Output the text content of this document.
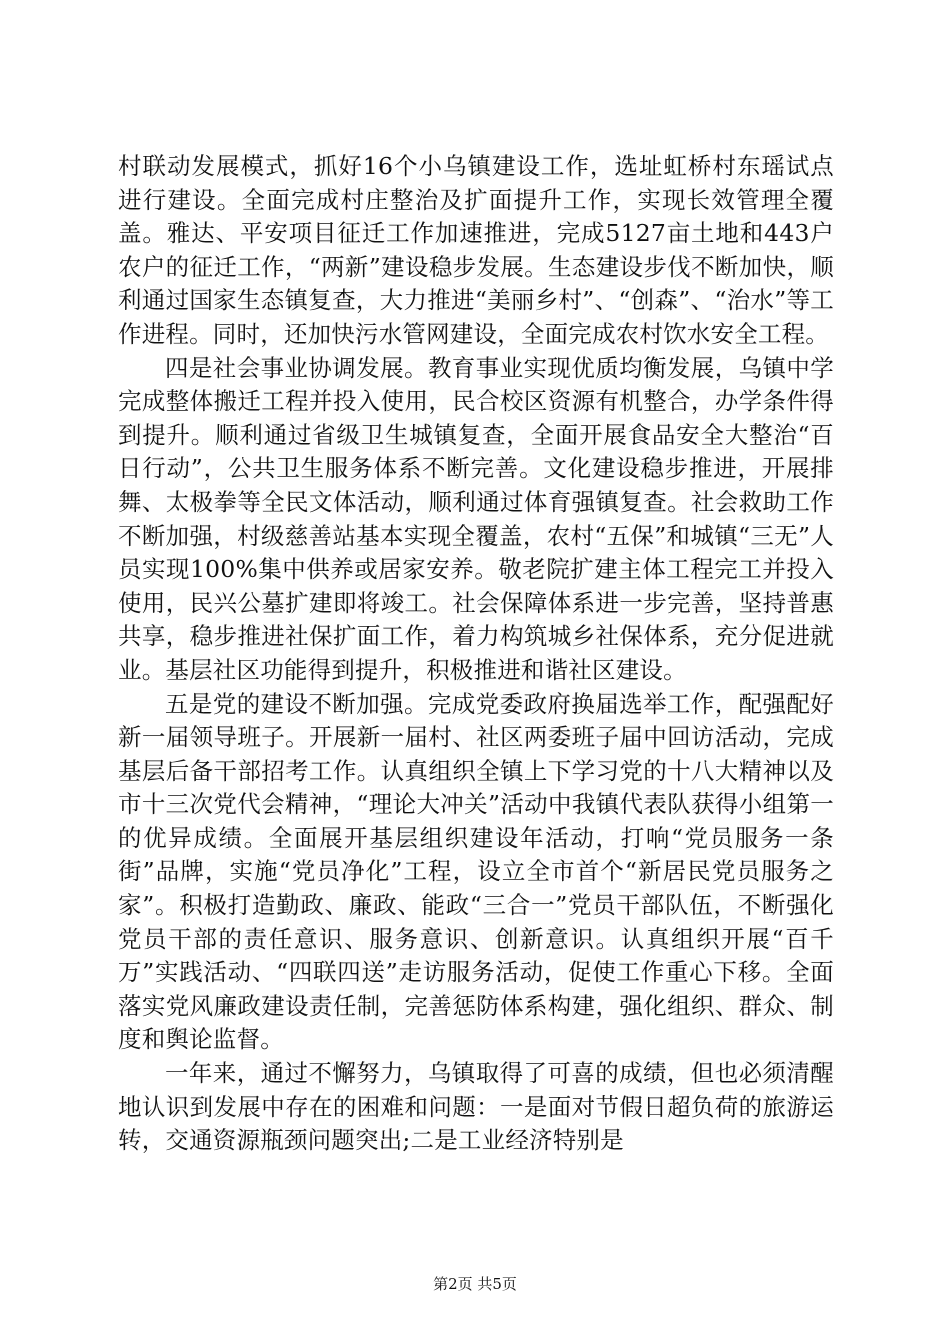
村联动发展模式，抓好16个小乌镇建设工作，选址虹桥村东瑶试点进行建设。全面完成村庄整治及扩面提升工作，实现长效管理全覆盖。雅达、平安项目征迁工作加速推进，完成5127亩土地和443户农户的征迁工作，“两新”建设稳步发展。生态建设步伐不断加快，顺利通过国家生态镇复查，大力推进“美丽乡村”、“创森”、“治水”等工作进程。同时，还加快污水管网建设，全面完成农村饮水安全工程。

四是社会事业协调发展。教育事业实现优质均衡发展，乌镇中学完成整体搬迁工程并投入使用，民合校区资源有机整合，办学条件得到提升。顺利通过省级卫生城镇复查，全面开展食品安全大整治“百日行动”，公共卫生服务体系不断完善。文化建设稳步推进，开展排舞、太极拳等全民文体活动，顺利通过体育强镇复查。社会救助工作不断加强，村级慈善站基本实现全覆盖，农村“五保”和城镇“三无”人员实现100%集中供养或居家安养。敬老院扩建主体工程完工并投入使用，民兴公墓扩建即将竣工。社会保障体系进一步完善，坚持普惠共享，稳步推进社保扩面工作，着力构筑城乡社保体系，充分促进就业。基层社区功能得到提升，积极推进和谐社区建设。

五是党的建设不断加强。完成党委政府换届选举工作，配强配好新一届领导班子。开展新一届村、社区两委班子届中回访活动，完成基层后备干部招考工作。认真组织全镇上下学习党的十八大精神以及市十三次党代会精神，“理论大冲关”活动中我镇代表队获得小组第一的优异成绩。全面展开基层组织建设年活动，打响“党员服务一条街”品牌，实施“党员净化”工程，设立全市首个“新居民党员服务之家”。积极打造勤政、廉政、能政“三合一”党员干部队伍，不断强化党员干部的责任意识、服务意识、创新意识。认真组织开展“百千万”实践活动、“四联四送”走访服务活动，促使工作重心下移。全面落实党风廉政建设责任制，完善惩防体系构建，强化组织、群众、制度和舆论监督。

一年来，通过不懈努力，乌镇取得了可喜的成绩，但也必须清醒地认识到发展中存在的困难和问题：一是面对节假日超负荷的旅游运转，交通资源瓶颈问题突出;二是工业经济特别是

第2页 共5页
